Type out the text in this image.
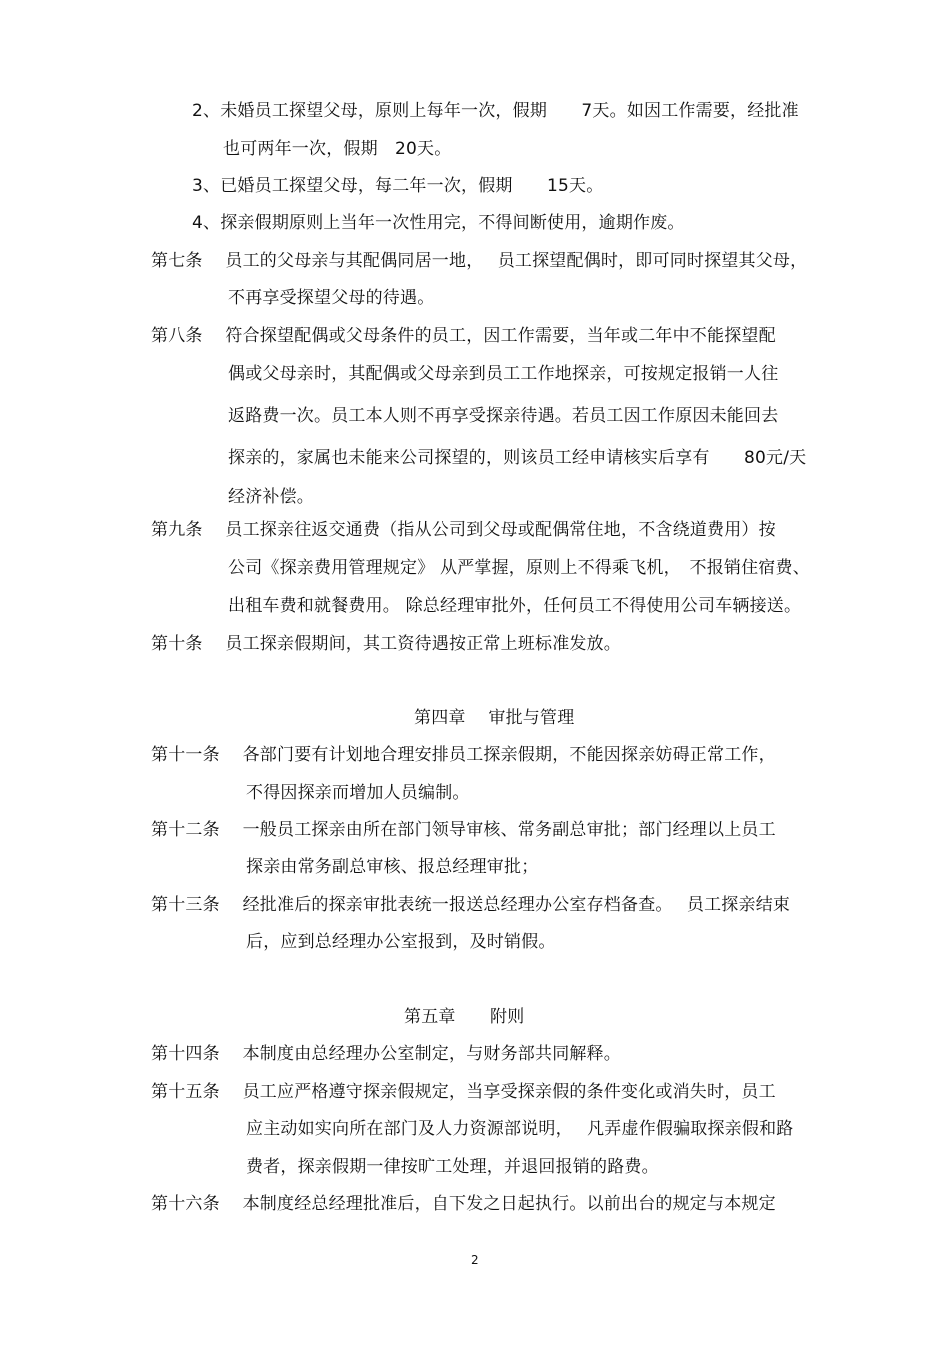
2、未婚员工探望父母，原则上每年一次，假期　　7天。如因工作需要，经批准
也可两年一次，假期　20天。
3、已婚员工探望父母，每二年一次，假期　　15天。
4、探亲假期原则上当年一次性用完，不得间断使用，逾期作废。
第七条　 员工的父母亲与其配偶同居一地，　 员工探望配偶时，即可同时探望其父母，
不再享受探望父母的待遇。
第八条　 符合探望配偶或父母条件的员工，因工作需要，当年或二年中不能探望配
偶或父母亲时，其配偶或父母亲到员工工作地探亲，可按规定报销一人往
返路费一次。员工本人则不再享受探亲待遇。若员工因工作原因未能回去
探亲的，家属也未能来公司探望的，则该员工经申请核实后享有　　80元/天
经济补偿。
第九条　 员工探亲往返交通费（指从公司到父母或配偶常住地，不含绕道费用）按
公司《探亲费用管理规定》 从严掌握，原则上不得乘飞机，　不报销住宿费、
出租车费和就餐费用。 除总经理审批外，任何员工不得使用公司车辆接送。
第十条　 员工探亲假期间，其工资待遇按正常上班标准发放。
第四章　 审批与管理
第十一条　 各部门要有计划地合理安排员工探亲假期，不能因探亲妨碍正常工作，
不得因探亲而增加人员编制。
第十二条　 一般员工探亲由所在部门领导审核、常务副总审批；部门经理以上员工
探亲由常务副总审核、报总经理审批；
第十三条　 经批准后的探亲审批表统一报送总经理办公室存档备查。　 员工探亲结束
后，应到总经理办公室报到，及时销假。
第五章　　附则
第十四条　 本制度由总经理办公室制定，与财务部共同解释。
第十五条　 员工应严格遵守探亲假规定，当享受探亲假的条件变化或消失时，员工
应主动如实向所在部门及人力资源部说明，　 凡弄虚作假骗取探亲假和路
费者，探亲假期一律按旷工处理，并退回报销的路费。
第十六条　 本制度经总经理批准后，自下发之日起执行。以前出台的规定与本规定
2
